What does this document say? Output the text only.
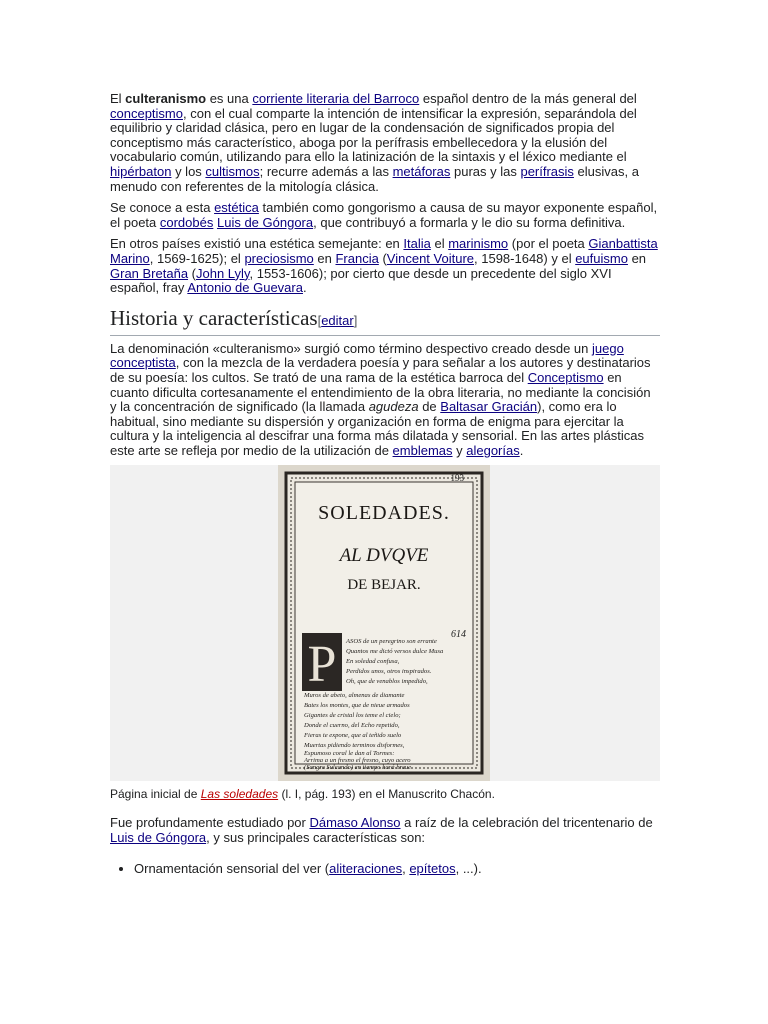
El culteranismo es una corriente literaria del Barroco español dentro de la más general del conceptismo, con el cual comparte la intención de intensificar la expresión, separándola del equilibrio y claridad clásica, pero en lugar de la condensación de significados propia del conceptismo más característico, aboga por la perífrasis embellecedora y la elusión del vocabulario común, utilizando para ello la latinización de la sintaxis y el léxico mediante el hipérbaton y los cultismos; recurre además a las metáforas puras y las perífrasis elusivas, a menudo con referentes de la mitología clásica.

Se conoce a esta estética también como gongorismo a causa de su mayor exponente español, el poeta cordobés Luis de Góngora, que contribuyó a formarla y le dio su forma definitiva.

En otros países existió una estética semejante: en Italia el marinismo (por el poeta Gianbattista Marino, 1569-1625); el preciosismo en Francia (Vincent Voiture, 1598-1648) y el eufuismo en Gran Bretaña (John Lyly, 1553-1606); por cierto que desde un precedente del siglo XVI español, fray Antonio de Guevara.

Historia y características[editar]

La denominación «culteranismo» surgió como término despectivo creado desde un juego conceptista, con la mezcla de la verdadera poesía y para señalar a los autores y destinatarios de su poesía: los cultos. Se trató de una rama de la estética barroca del Conceptismo en cuanto dificulta cortesanamente el entendimiento de la obra literaria, no mediante la concisión y la concentración de significado (la llamada agudeza de Baltasar Gracián), como era lo habitual, sino mediante su dispersión y organización en forma de enigma para ejercitar la cultura y la inteligencia al descifrar una forma más dilatada y sensorial. En las artes plásticas este arte se refleja por medio de la utilización de emblemas y alegorías.

193
SOLEDADES.
AL DVQVE
DE BEJAR.
614
P ASOS de un peregrino son errante
Quantos me dictó versos dulce Musa
En soledad confusa,
Perdidos unos, otros inspirados.
Oh, que de venablos impedido,
Muros de abeto, almenas de diamante
Bates los montes, que de nieue armados
Gigantes de cristal los teme el cielo;
Donde el cuerno, del Echo repetido,
Fieras te expone, que al teñido suelo
Muertas pidiendo terminos disformes,
Espumoso coral le dan al Tormes:
Arrima a un fresno el fresno, cuyo acero
(Sangre Sulcando) en tiempo hará breue

Página inicial de Las soledades (l. I, pág. 193) en el Manuscrito Chacón.

Fue profundamente estudiado por Dámaso Alonso a raíz de la celebración del tricentenario de Luis de Góngora, y sus principales características son:

• Ornamentación sensorial del ver (aliteraciones, epítetos, ...).
